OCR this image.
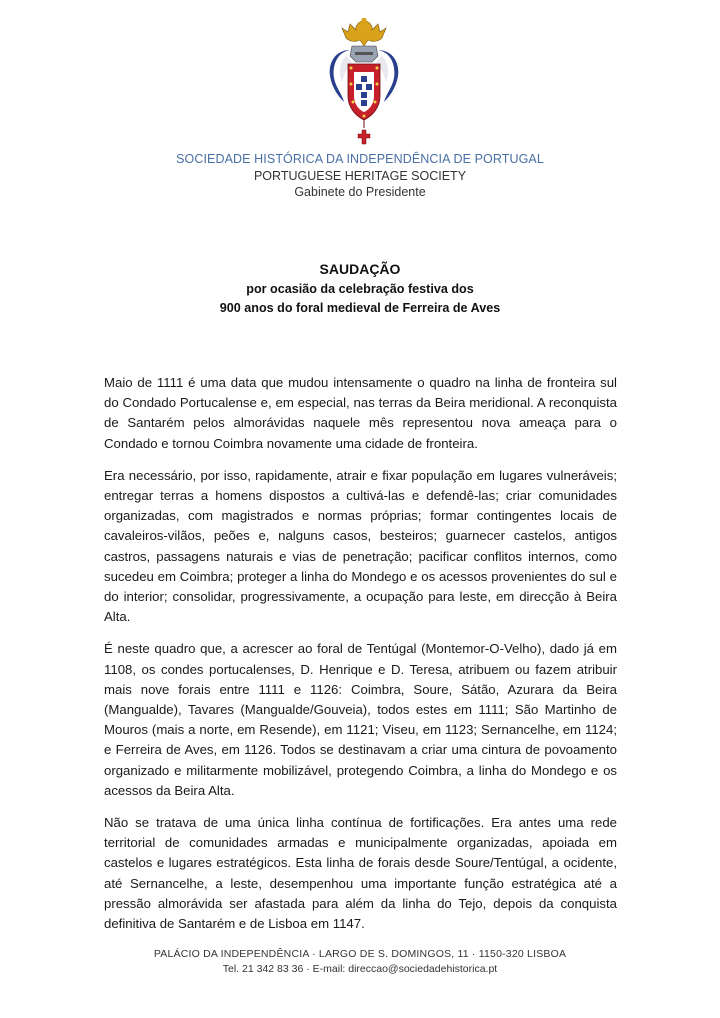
SOCIEDADE HISTÓRICA DA INDEPENDÊNCIA DE PORTUGAL
PORTUGUESE HERITAGE SOCIETY
Gabinete do Presidente
SAUDAÇÃO
por ocasião da celebração festiva dos
900 anos do foral medieval de Ferreira de Aves

Maio de 1111 é uma data que mudou intensamente o quadro na linha de fronteira sul do Condado Portucalense e, em especial, nas terras da Beira meridional. A reconquista de Santarém pelos almorávidas naquele mês representou nova ameaça para o Condado e tornou Coimbra novamente uma cidade de fronteira.

Era necessário, por isso, rapidamente, atrair e fixar população em lugares vulneráveis; entregar terras a homens dispostos a cultivá-las e defendê-las; criar comunidades organizadas, com magistrados e normas próprias; formar contingentes locais de cavaleiros-vilãos, peões e, nalguns casos, besteiros; guarnecer castelos, antigos castros, passagens naturais e vias de penetração; pacificar conflitos internos, como sucedeu em Coimbra; proteger a linha do Mondego e os acessos provenientes do sul e do interior; consolidar, progressivamente, a ocupação para leste, em direcção à Beira Alta.

É neste quadro que, a acrescer ao foral de Tentúgal (Montemor-O-Velho), dado já em 1108, os condes portucalenses, D. Henrique e D. Teresa, atribuem ou fazem atribuir mais nove forais entre 1111 e 1126: Coimbra, Soure, Sátão, Azurara da Beira (Mangualde), Tavares (Mangualde/Gouveia), todos estes em 1111; São Martinho de Mouros (mais a norte, em Resende), em 1121; Viseu, em 1123; Sernancelhe, em 1124; e Ferreira de Aves, em 1126. Todos se destinavam a criar uma cintura de povoamento organizado e militarmente mobilizável, protegendo Coimbra, a linha do Mondego e os acessos da Beira Alta.

Não se tratava de uma única linha contínua de fortificações. Era antes uma rede territorial de comunidades armadas e municipalmente organizadas, apoiada em castelos e lugares estratégicos. Esta linha de forais desde Soure/Tentúgal, a ocidente, até Sernancelhe, a leste, desempenhou uma importante função estratégica até a pressão almorávida ser afastada para além da linha do Tejo, depois da conquista definitiva de Santarém e de Lisboa em 1147.

PALÁCIO DA INDEPENDÊNCIA · LARGO DE S. DOMINGOS, 11 · 1150-320 LISBOA
Tel. 21 342 83 36 · E-mail: direccao@sociedadehistorica.pt
